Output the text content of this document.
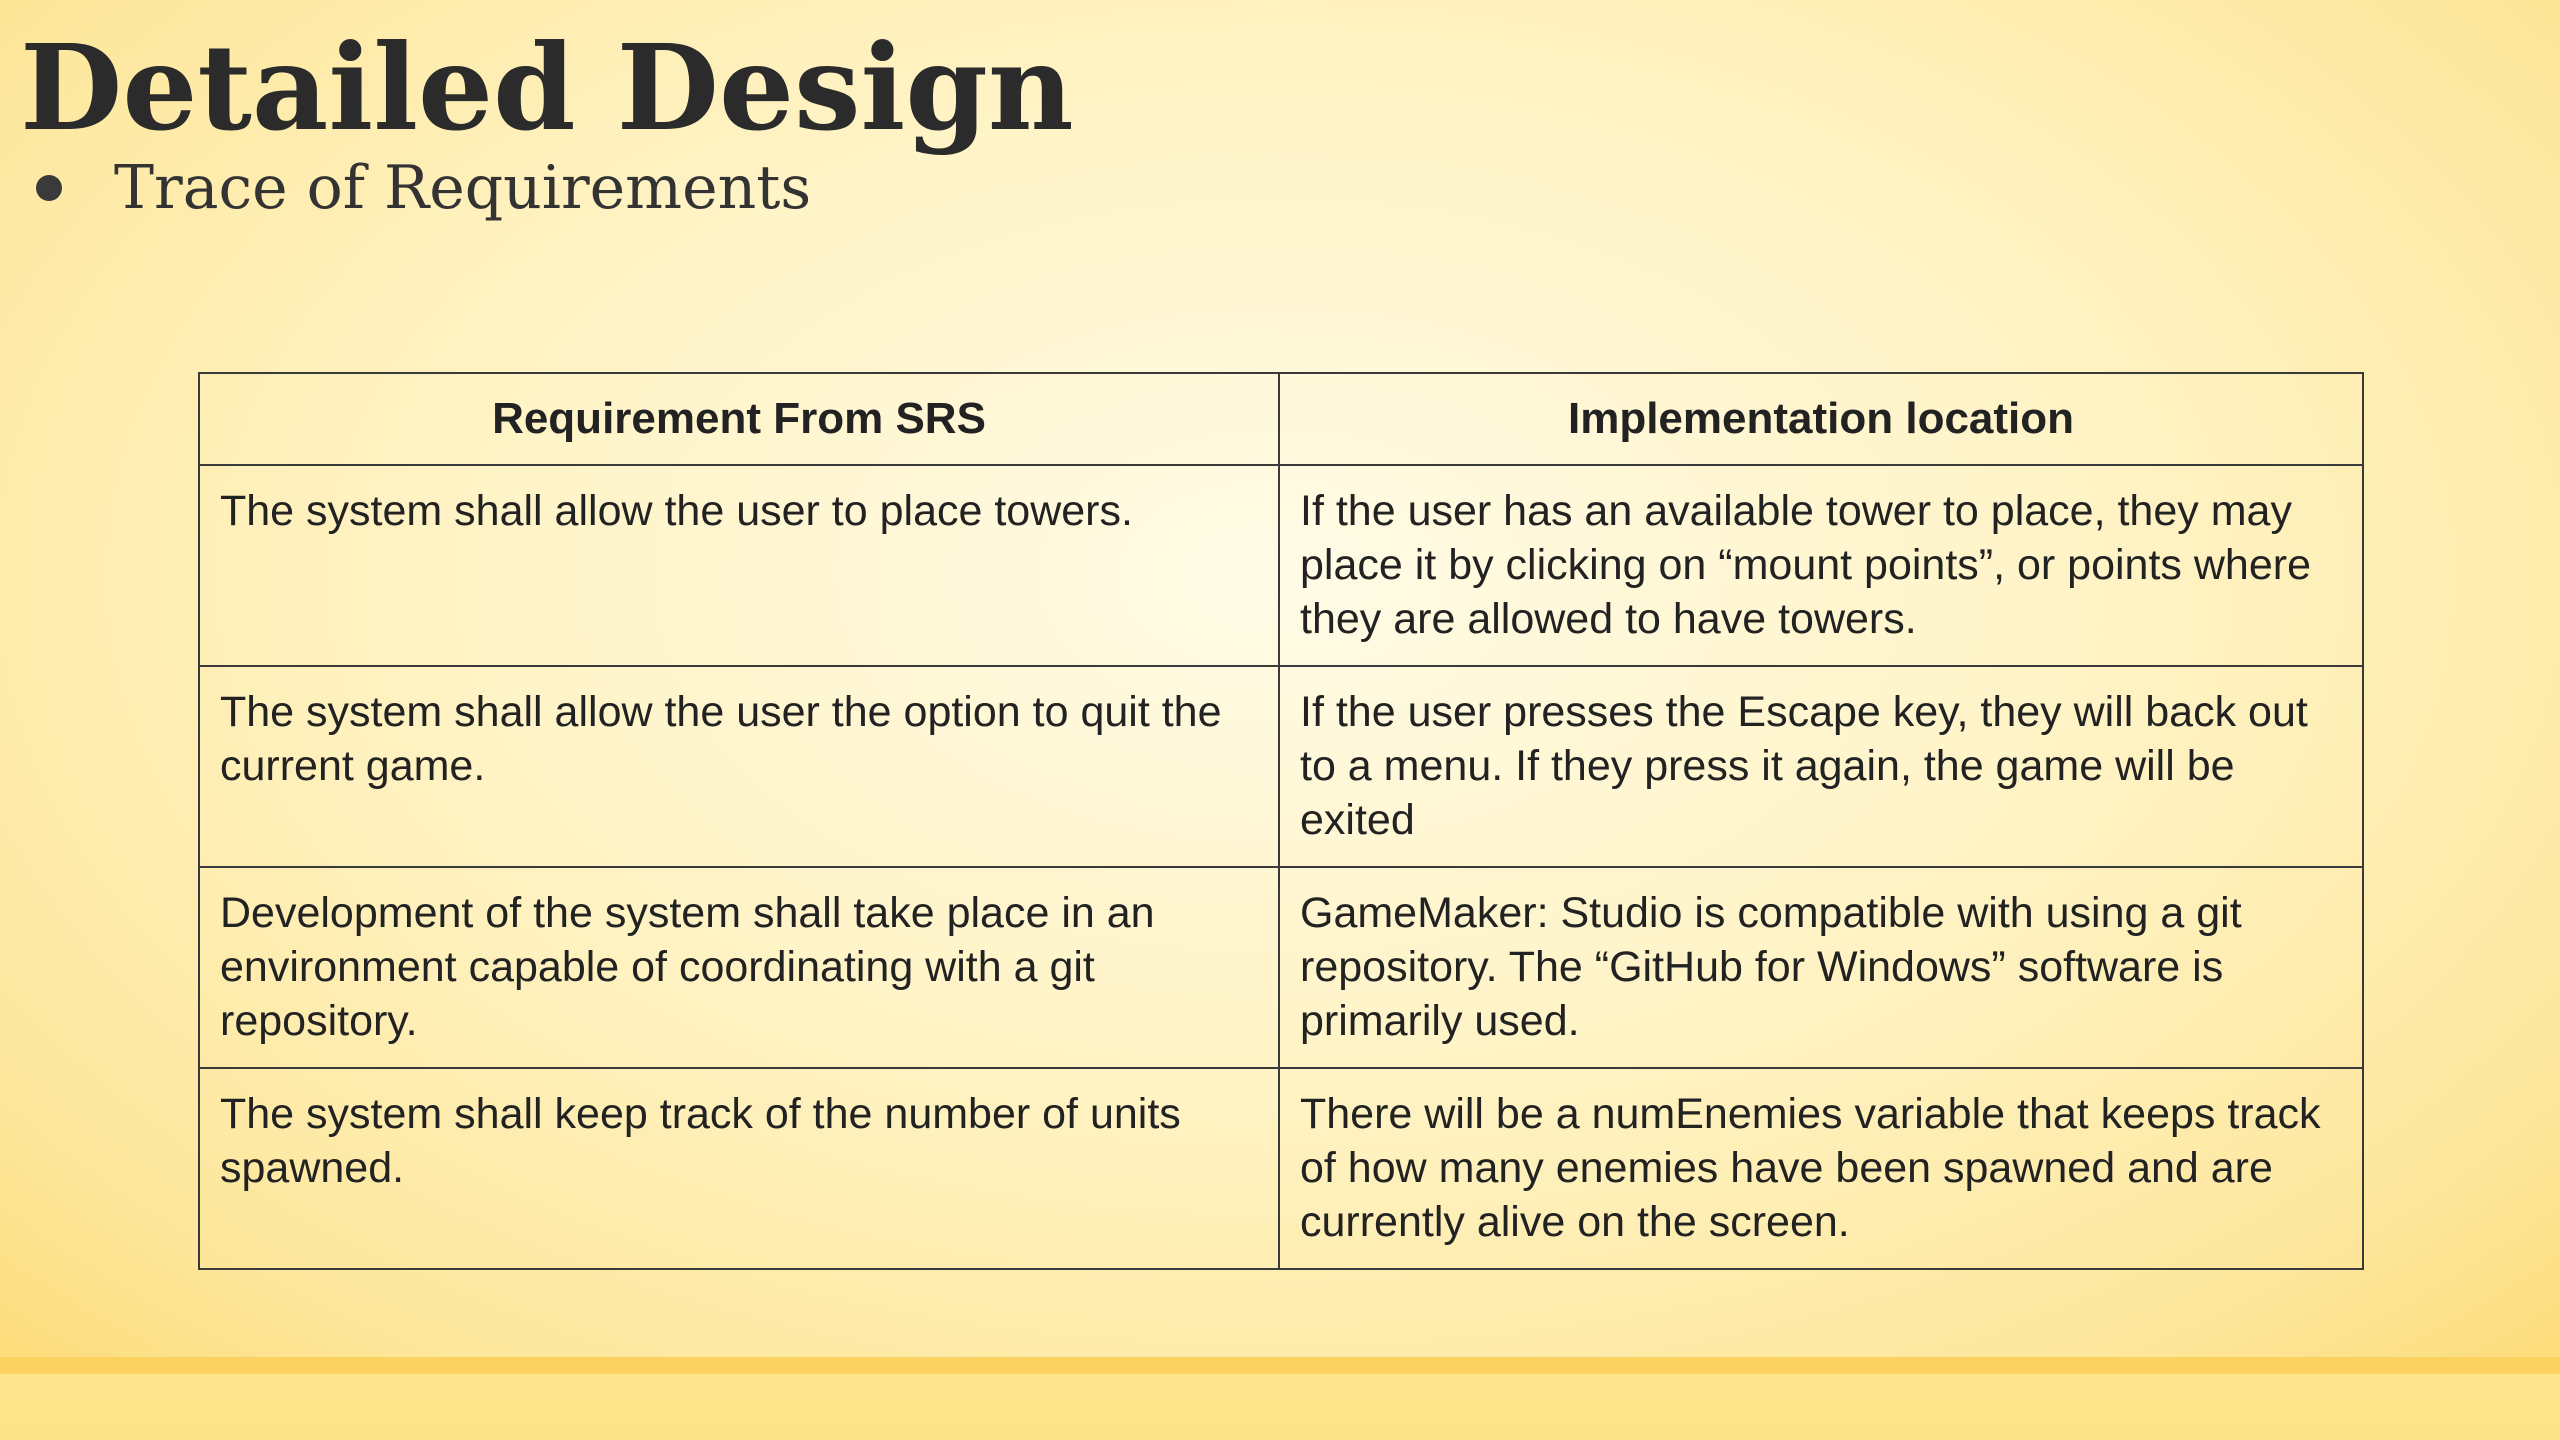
Detailed Design
Trace of Requirements
Requirement From SRS	Implementation location
The system shall allow the user to place towers.	If the user has an available tower to place, they may place it by clicking on “mount points”, or points where they are allowed to have towers.
The system shall allow the user the option to quit the current game.	If the user presses the Escape key, they will back out to a menu. If they press it again, the game will be exited
Development of the system shall take place in an environment capable of coordinating with a git repository.	GameMaker: Studio is compatible with using a git repository. The “GitHub for Windows” software is primarily used.
The system shall keep track of the number of units spawned.	There will be a numEnemies variable that keeps track of how many enemies have been spawned and are currently alive on the screen.
